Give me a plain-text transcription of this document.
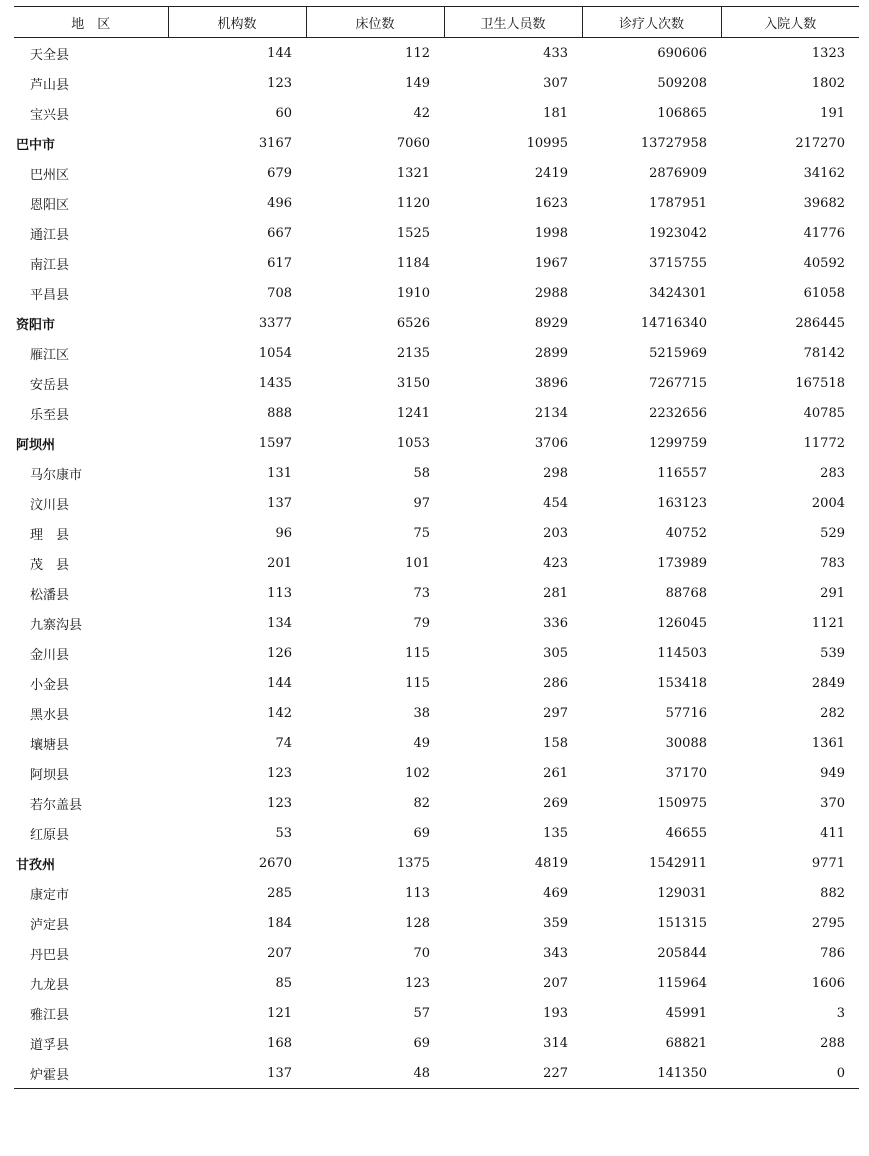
地　区	机构数	床位数	卫生人员数	诊疗人次数	入院人数
天全县	144	112	433	690606	1323
芦山县	123	149	307	509208	1802
宝兴县	60	42	181	106865	191
巴中市	3167	7060	10995	13727958	217270
巴州区	679	1321	2419	2876909	34162
恩阳区	496	1120	1623	1787951	39682
通江县	667	1525	1998	1923042	41776
南江县	617	1184	1967	3715755	40592
平昌县	708	1910	2988	3424301	61058
资阳市	3377	6526	8929	14716340	286445
雁江区	1054	2135	2899	5215969	78142
安岳县	1435	3150	3896	7267715	167518
乐至县	888	1241	2134	2232656	40785
阿坝州	1597	1053	3706	1299759	11772
马尔康市	131	58	298	116557	283
汶川县	137	97	454	163123	2004
理　县	96	75	203	40752	529
茂　县	201	101	423	173989	783
松潘县	113	73	281	88768	291
九寨沟县	134	79	336	126045	1121
金川县	126	115	305	114503	539
小金县	144	115	286	153418	2849
黑水县	142	38	297	57716	282
壤塘县	74	49	158	30088	1361
阿坝县	123	102	261	37170	949
若尔盖县	123	82	269	150975	370
红原县	53	69	135	46655	411
甘孜州	2670	1375	4819	1542911	9771
康定市	285	113	469	129031	882
泸定县	184	128	359	151315	2795
丹巴县	207	70	343	205844	786
九龙县	85	123	207	115964	1606
雅江县	121	57	193	45991	3
道孚县	168	69	314	68821	288
炉霍县	137	48	227	141350	0
